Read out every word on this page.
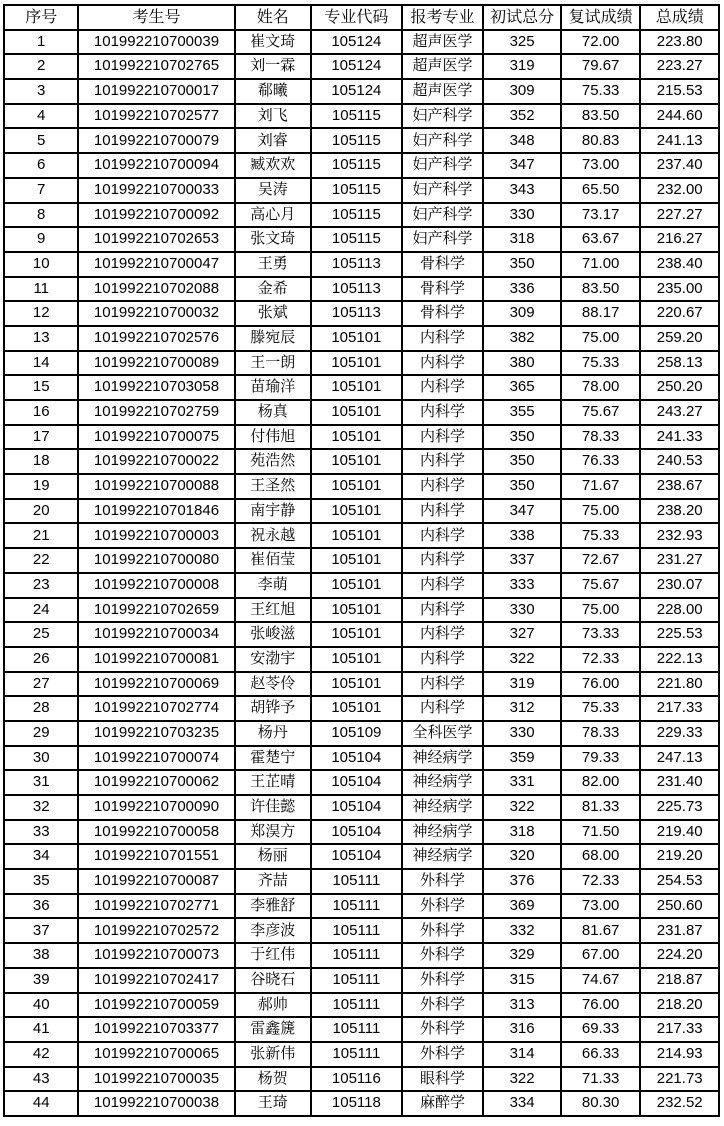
序号	考生号	姓名	专业代码	报考专业	初试总分	复试成绩	总成绩
1	101992210700039	崔文琦	105124	超声医学	325	72.00	223.80
2	101992210702765	刘一霖	105124	超声医学	319	79.67	223.27
3	101992210700017	郗曦	105124	超声医学	309	75.33	215.53
4	101992210702577	刘飞	105115	妇产科学	352	83.50	244.60
5	101992210700079	刘睿	105115	妇产科学	348	80.83	241.13
6	101992210700094	臧欢欢	105115	妇产科学	347	73.00	237.40
7	101992210700033	吴涛	105115	妇产科学	343	65.50	232.00
8	101992210700092	高心月	105115	妇产科学	330	73.17	227.27
9	101992210702653	张文琦	105115	妇产科学	318	63.67	216.27
10	101992210700047	王勇	105113	骨科学	350	71.00	238.40
11	101992210702088	金希	105113	骨科学	336	83.50	235.00
12	101992210700032	张斌	105113	骨科学	309	88.17	220.67
13	101992210702576	滕宛辰	105101	内科学	382	75.00	259.20
14	101992210700089	王一朗	105101	内科学	380	75.33	258.13
15	101992210703058	苗瑜洋	105101	内科学	365	78.00	250.20
16	101992210702759	杨真	105101	内科学	355	75.67	243.27
17	101992210700075	付伟旭	105101	内科学	350	78.33	241.33
18	101992210700022	苑浩然	105101	内科学	350	76.33	240.53
19	101992210700088	王圣然	105101	内科学	350	71.67	238.67
20	101992210701846	南宇静	105101	内科学	347	75.00	238.20
21	101992210700003	祝永越	105101	内科学	338	75.33	232.93
22	101992210700080	崔佰莹	105101	内科学	337	72.67	231.27
23	101992210700008	李萌	105101	内科学	333	75.67	230.07
24	101992210702659	王红旭	105101	内科学	330	75.00	228.00
25	101992210700034	张峻滋	105101	内科学	327	73.33	225.53
26	101992210700081	安渤宇	105101	内科学	322	72.33	222.13
27	101992210700069	赵苓伶	105101	内科学	319	76.00	221.80
28	101992210702774	胡铧予	105101	内科学	312	75.33	217.33
29	101992210703235	杨丹	105109	全科医学	330	78.33	229.33
30	101992210700074	霍楚宁	105104	神经病学	359	79.33	247.13
31	101992210700062	王芷晴	105104	神经病学	331	82.00	231.40
32	101992210700090	许佳懿	105104	神经病学	322	81.33	225.73
33	101992210700058	郑淏方	105104	神经病学	318	71.50	219.40
34	101992210701551	杨丽	105104	神经病学	320	68.00	219.20
35	101992210700087	齐喆	105111	外科学	376	72.33	254.53
36	101992210702771	李雅舒	105111	外科学	369	73.00	250.60
37	101992210702572	李彦波	105111	外科学	332	81.67	231.87
38	101992210700073	于红伟	105111	外科学	329	67.00	224.20
39	101992210702417	谷晓石	105111	外科学	315	74.67	218.87
40	101992210700059	郝帅	105111	外科学	313	76.00	218.20
41	101992210703377	雷鑫篪	105111	外科学	316	69.33	217.33
42	101992210700065	张新伟	105111	外科学	314	66.33	214.93
43	101992210700035	杨贺	105116	眼科学	322	71.33	221.73
44	101992210700038	王琦	105118	麻醉学	334	80.30	232.52
